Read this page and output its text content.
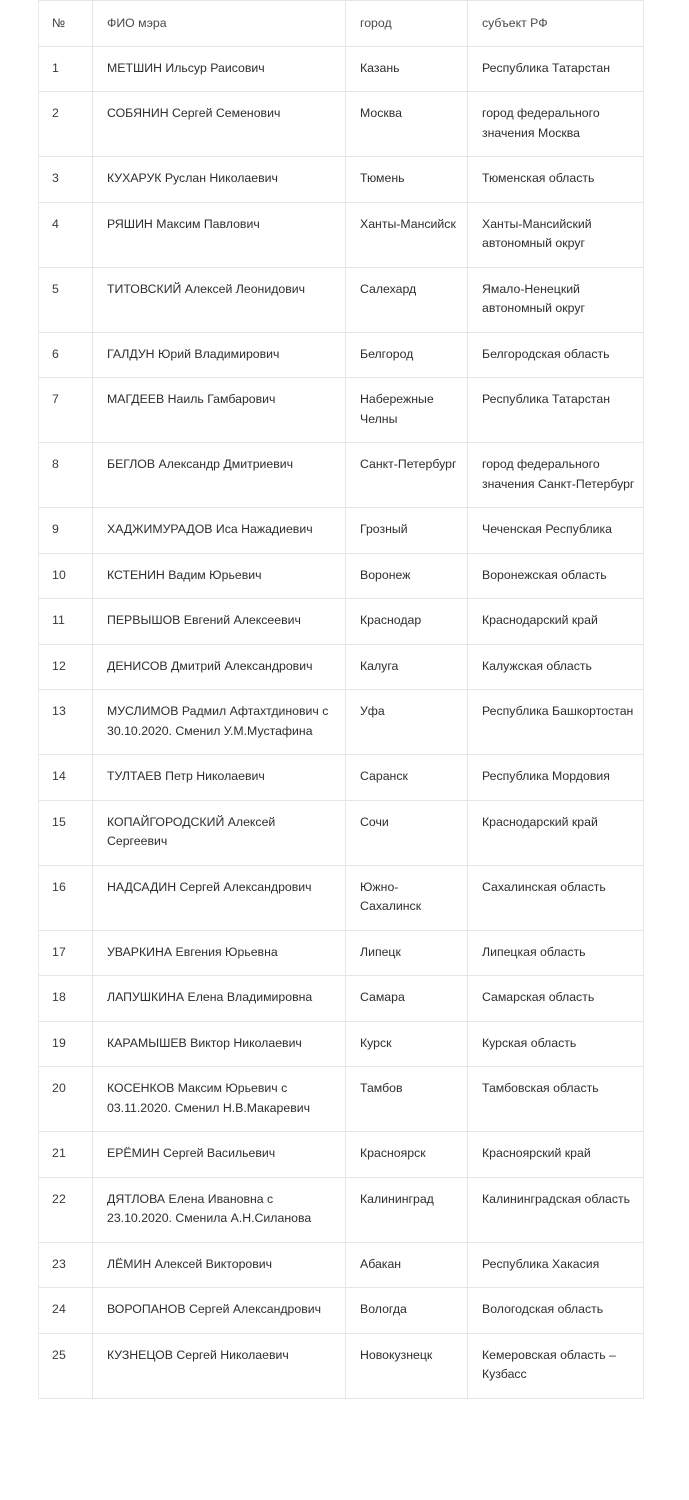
№	ФИО мэра	город	субъект РФ
1	МЕТШИН Ильсур Раисович	Казань	Республика Татарстан
2	СОБЯНИН Сергей Семенович	Москва	город федерального значения Москва
3	КУХАРУК Руслан Николаевич	Тюмень	Тюменская область
4	РЯШИН Максим Павлович	Ханты-Мансийск	Ханты-Мансийский автономный округ
5	ТИТОВСКИЙ Алексей Леонидович	Салехард	Ямало-Ненецкий автономный округ
6	ГАЛДУН Юрий Владимирович	Белгород	Белгородская область
7	МАГДЕЕВ Наиль Гамбарович	Набережные Челны	Республика Татарстан
8	БЕГЛОВ Александр Дмитриевич	Санкт-Петербург	город федерального значения Санкт-Петербург
9	ХАДЖИМУРАДОВ Иса Нажадиевич	Грозный	Чеченская Республика
10	КСТЕНИН Вадим Юрьевич	Воронеж	Воронежская область
11	ПЕРВЫШОВ Евгений Алексеевич	Краснодар	Краснодарский край
12	ДЕНИСОВ Дмитрий Александрович	Калуга	Калужская область
13	МУСЛИМОВ Радмил Афтахтдинович с 30.10.2020. Сменил У.М.Мустафина	Уфа	Республика Башкортостан
14	ТУЛТАЕВ Петр Николаевич	Саранск	Республика Мордовия
15	КОПАЙГОРОДСКИЙ Алексей Сергеевич	Сочи	Краснодарский край
16	НАДСАДИН Сергей Александрович	Южно-Сахалинск	Сахалинская область
17	УВАРКИНА Евгения Юрьевна	Липецк	Липецкая область
18	ЛАПУШКИНА Елена Владимировна	Самара	Самарская область
19	КАРАМЫШЕВ Виктор Николаевич	Курск	Курская область
20	КОСЕНКОВ Максим Юрьевич с 03.11.2020. Сменил Н.В.Макаревич	Тамбов	Тамбовская область
21	ЕРЁМИН Сергей Васильевич	Красноярск	Красноярский край
22	ДЯТЛОВА Елена Ивановна с 23.10.2020. Сменила А.Н.Силанова	Калининград	Калининградская область
23	ЛЁМИН Алексей Викторович	Абакан	Республика Хакасия
24	ВОРОПАНОВ Сергей Александрович	Вологда	Вологодская область
25	КУЗНЕЦОВ Сергей Николаевич	Новокузнецк	Кемеровская область – Кузбасс
